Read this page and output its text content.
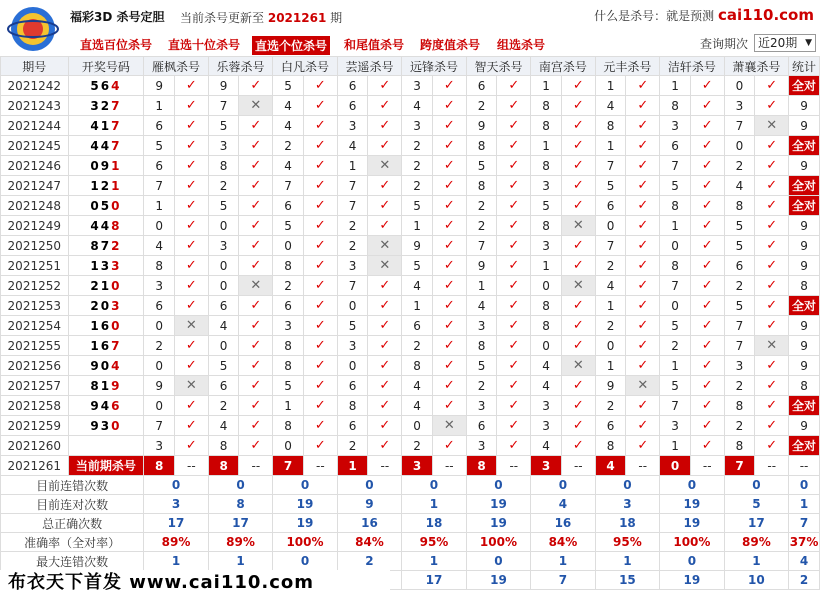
福彩3D 杀号定胆 当前杀号更新至 2021261 期	什么是杀号：就是预测 cai110.com
直选百位杀号 直选十位杀号 直选个位杀号 和尾值杀号 跨度值杀号 组选杀号	查询期次 近20期 ▼
期号	开奖号码	雁枫杀号		乐蓉杀号		白凡杀号		芸遥杀号		远锋杀号		智天杀号		南宫杀号		元丰杀号		洁轩杀号		萧襄杀号		统计
2021242	564	9	✓	9	✓	5	✓	6	✓	3	✓	6	✓	1	✓	1	✓	1	✓	0	✓	全对
2021243	327	1	✓	7	✕	4	✓	6	✓	4	✓	2	✓	8	✓	4	✓	8	✓	3	✓	9
2021244	417	6	✓	5	✓	4	✓	3	✓	3	✓	9	✓	8	✓	8	✓	3	✓	7	✕	9
2021245	447	5	✓	3	✓	2	✓	4	✓	2	✓	8	✓	1	✓	1	✓	6	✓	0	✓	全对
2021246	091	6	✓	8	✓	4	✓	1	✕	2	✓	5	✓	8	✓	7	✓	7	✓	2	✓	9
2021247	121	7	✓	2	✓	7	✓	7	✓	2	✓	8	✓	3	✓	5	✓	5	✓	4	✓	全对
2021248	050	1	✓	5	✓	6	✓	7	✓	5	✓	2	✓	5	✓	6	✓	8	✓	8	✓	全对
2021249	448	0	✓	0	✓	5	✓	2	✓	1	✓	2	✓	8	✕	0	✓	1	✓	5	✓	9
2021250	872	4	✓	3	✓	0	✓	2	✕	9	✓	7	✓	3	✓	7	✓	0	✓	5	✓	9
2021251	133	8	✓	0	✓	8	✓	3	✕	5	✓	9	✓	1	✓	2	✓	8	✓	6	✓	9
2021252	210	3	✓	0	✕	2	✓	7	✓	4	✓	1	✓	0	✕	4	✓	7	✓	2	✓	8
2021253	203	6	✓	6	✓	6	✓	0	✓	1	✓	4	✓	8	✓	1	✓	0	✓	5	✓	全对
2021254	160	0	✕	4	✓	3	✓	5	✓	6	✓	3	✓	8	✓	2	✓	5	✓	7	✓	9
2021255	167	2	✓	0	✓	8	✓	3	✓	2	✓	8	✓	0	✓	0	✓	2	✓	7	✕	9
2021256	904	0	✓	5	✓	8	✓	0	✓	8	✓	5	✓	4	✕	1	✓	1	✓	3	✓	9
2021257	819	9	✕	6	✓	5	✓	6	✓	4	✓	2	✓	4	✓	9	✕	5	✓	2	✓	8
2021258	946	0	✓	2	✓	1	✓	8	✓	4	✓	3	✓	3	✓	2	✓	7	✓	8	✓	全对
2021259	930	7	✓	4	✓	8	✓	6	✓	0	✕	6	✓	3	✓	6	✓	3	✓	2	✓	9
2021260		3	✓	8	✓	0	✓	2	✓	2	✓	3	✓	4	✓	8	✓	1	✓	8	✓	全对
2021261	当前期杀号	8	--	8	--	7	--	1	--	3	--	8	--	3	--	4	--	0	--	7	--	--
目前连错次数		0		0		0		0		0		0		0		0		0		0		0
目前连对次数		3		8		19		9		1		19		4		3		19		5		1
总正确次数		17		17		19		16		18		19		16		18		19		17		7
准确率（全对率）		89%		89%		100%		84%		95%		100%		84%		95%		100%		89%		37%
最大连错次数		1		1		0		2		1		0		1		1		0		1		4
					17		19		7		15		19		10		2
布衣天下首发 www.cai110.com
